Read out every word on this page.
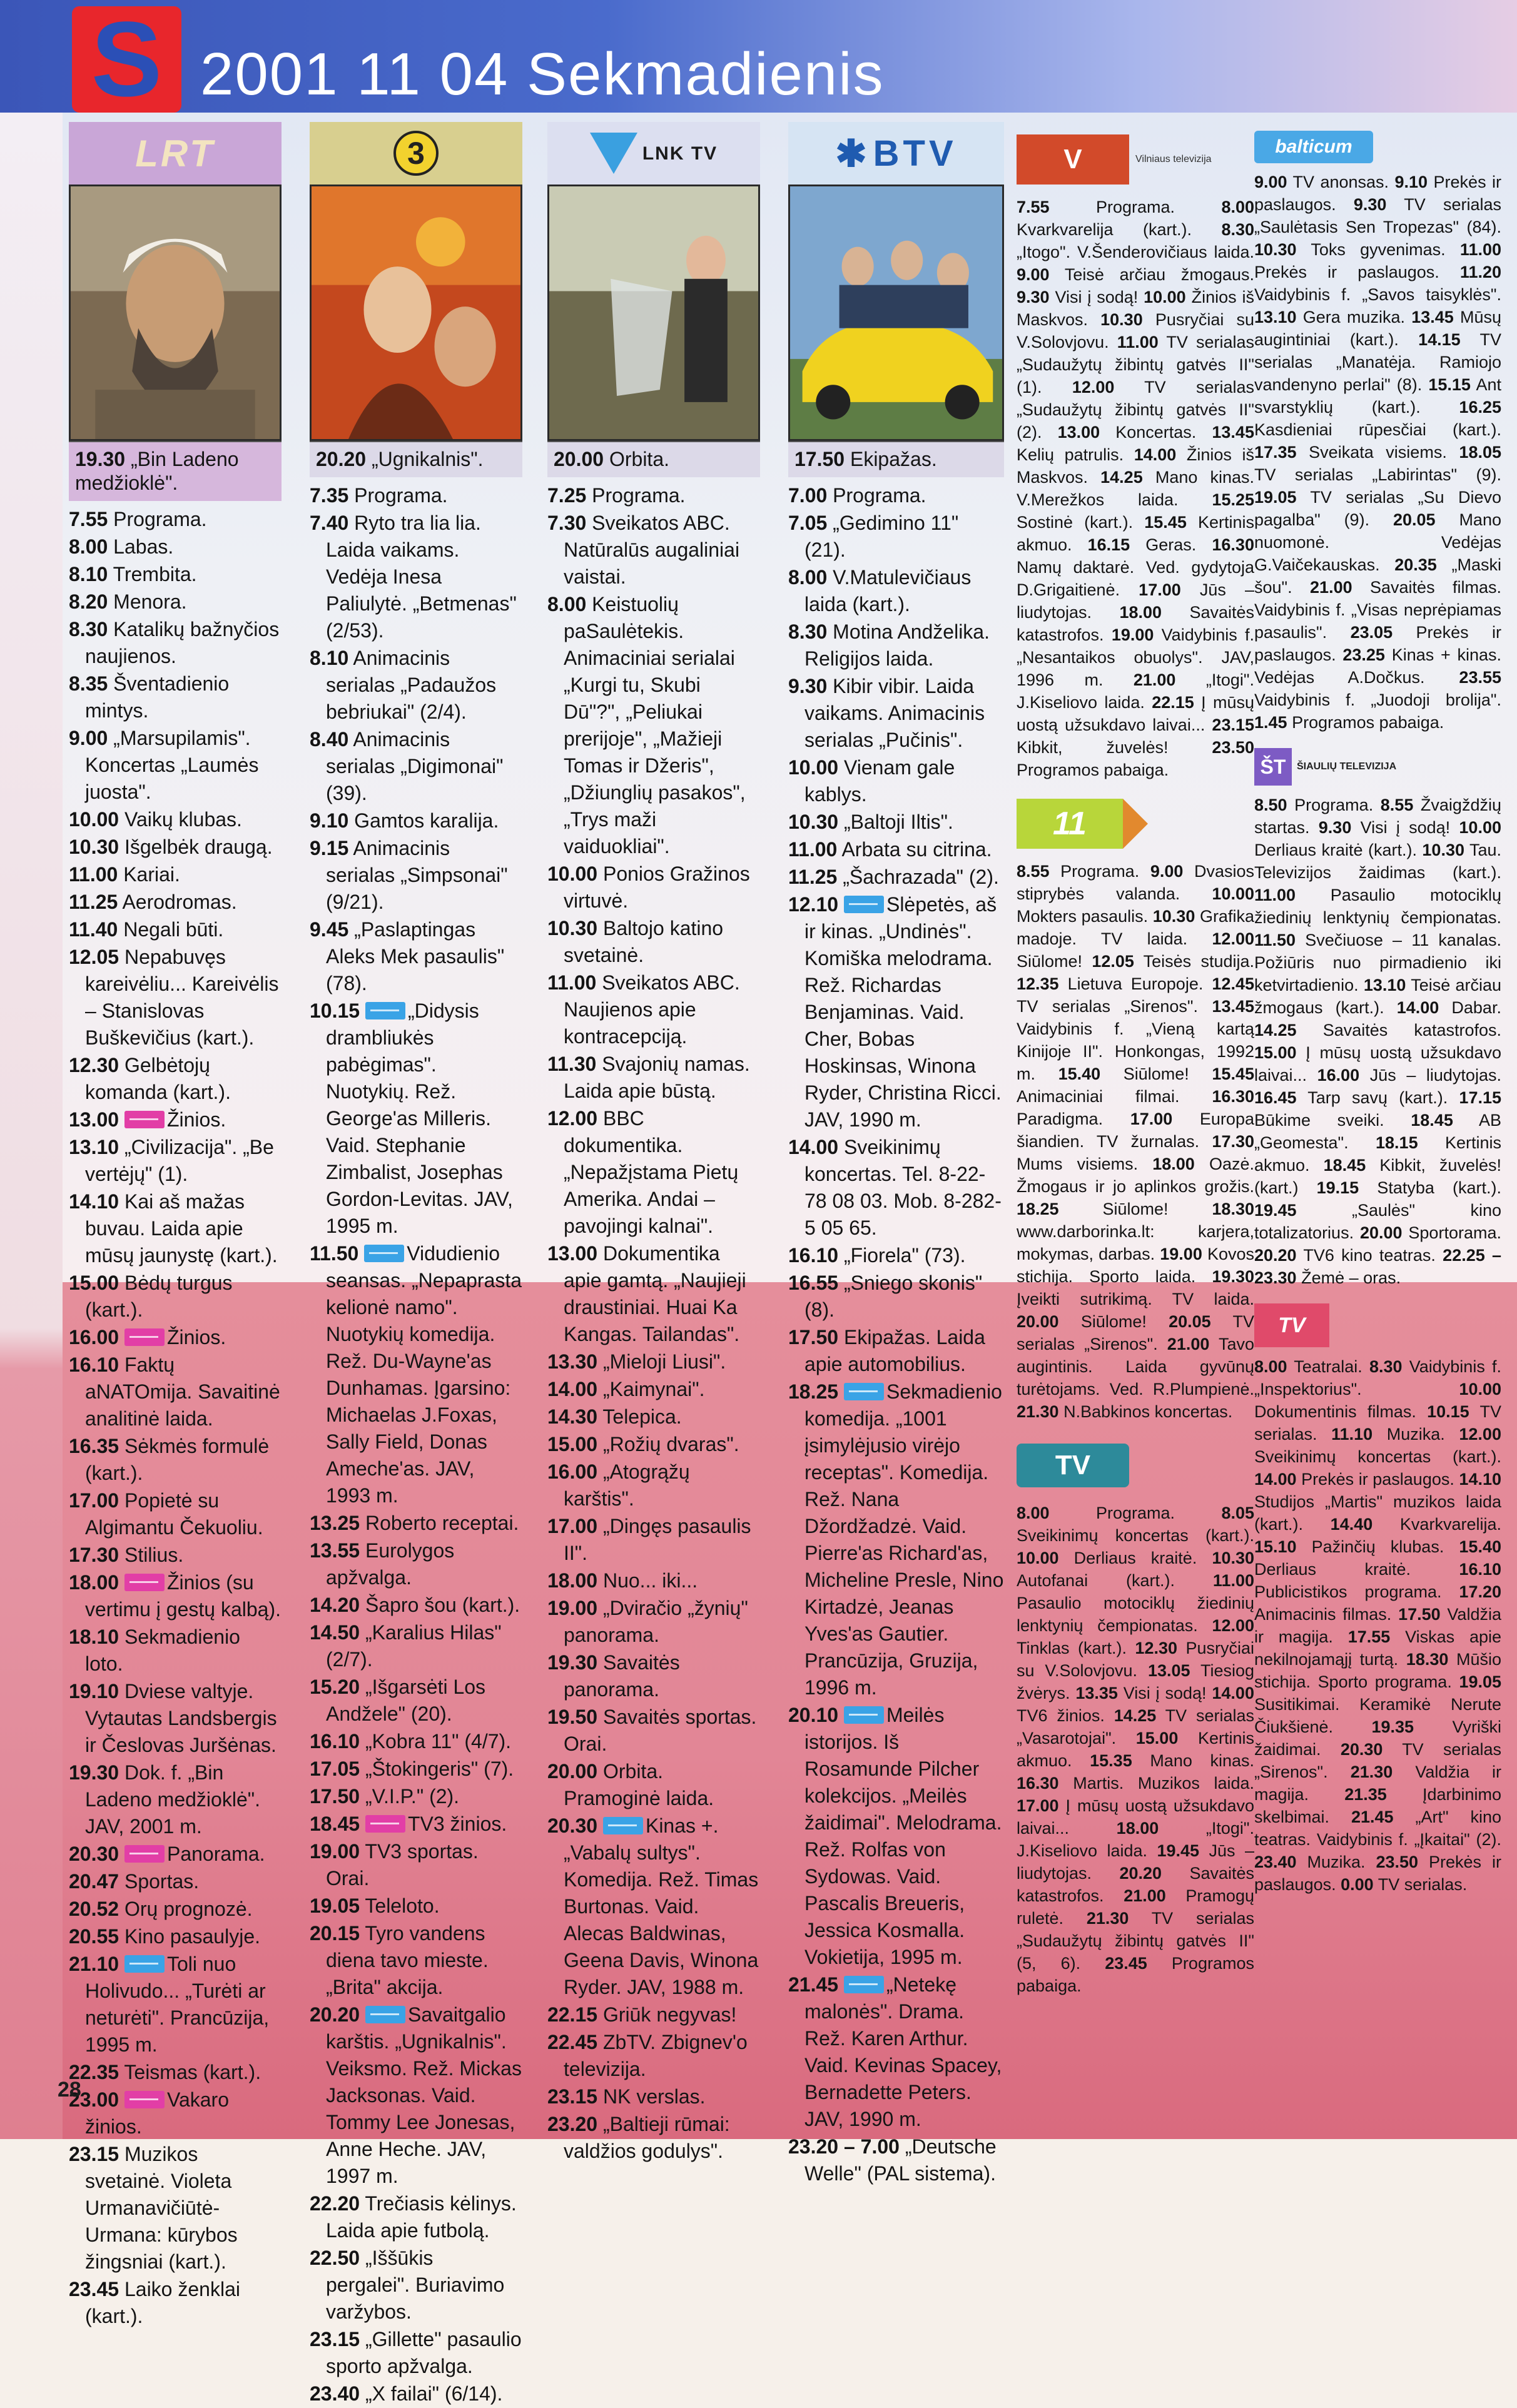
S 2001 11 04 Sekmadienis
LRT
19.30 „Bin Ladeno medžioklė".
7.55 Programa.
8.00 Labas.
8.10 Trembita.
8.20 Menora.
8.30 Katalikų bažnyčios naujienos.
8.35 Šventadienio mintys.
9.00 „Marsupilamis". Koncertas „Laumės juosta".
10.00 Vaikų klubas.
10.30 Išgelbėk draugą.
11.00 Kariai.
11.25 Aerodromas.
11.40 Negali būti.
12.05 Nepabuvęs kareivėliu... Kareivėlis – Stanislovas Buškevičius (kart.).
12.30 Gelbėtojų komanda (kart.).
13.00 Žinios.
13.10 „Civilizacija". „Be vertėjų" (1).
14.10 Kai aš mažas buvau. Laida apie mūsų jaunystę (kart.).
15.00 Bėdų turgus (kart.).
16.00 Žinios.
16.10 Faktų aNATOmija. Savaitinė analitinė laida.
16.35 Sėkmės formulė (kart.).
17.00 Popietė su Algimantu Čekuoliu.
17.30 Stilius.
18.00 Žinios (su vertimu į gestų kalbą).
18.10 Sekmadienio loto.
19.10 Dviese valtyje. Vytautas Landsbergis ir Česlovas Juršėnas.
19.30 Dok. f. „Bin Ladeno medžioklė". JAV, 2001 m.
20.30 Panorama.
20.47 Sportas.
20.52 Orų prognozė.
20.55 Kino pasaulyje.
21.10 Toli nuo Holivudo... „Turėti ar neturėti". Prancūzija, 1995 m.
22.35 Teismas (kart.).
23.00 Vakaro žinios.
23.15 Muzikos svetainė. Violeta Urmanavičiūtė-Urmana: kūrybos žingsniai (kart.).
23.45 Laiko ženklai (kart.).
3
20.20 „Ugnikalnis".
7.35 Programa.
7.40 Ryto tra lia lia. Laida vaikams. Vedėja Inesa Paliulytė. „Betmenas" (2/53).
8.10 Animacinis serialas „Padaužos bebriukai" (2/4).
8.40 Animacinis serialas „Digimonai" (39).
9.10 Gamtos karalija.
9.15 Animacinis serialas „Simpsonai" (9/21).
9.45 „Paslaptingas Aleks Mek pasaulis" (78).
10.15 „Didysis drambliukės pabėgimas". Nuotykių. Rež. George'as Milleris. Vaid. Stephanie Zimbalist, Josephas Gordon-Levitas. JAV, 1995 m.
11.50 Vidudienio seansas. „Nepaprasta kelionė namo". Nuotykių komedija. Rež. Du-Wayne'as Dunhamas. Įgarsino: Michaelas J.Foxas, Sally Field, Donas Ameche'as. JAV, 1993 m.
13.25 Roberto receptai.
13.55 Eurolygos apžvalga.
14.20 Šapro šou (kart.).
14.50 „Karalius Hilas" (2/7).
15.20 „Išgarsėti Los Andžele" (20).
16.10 „Kobra 11" (4/7).
17.05 „Štokingeris" (7).
17.50 „V.I.P." (2).
18.45 TV3 žinios.
19.00 TV3 sportas. Orai.
19.05 Teleloto.
20.15 Tyro vandens diena tavo mieste. „Brita" akcija.
20.20 Savaitgalio karštis. „Ugnikalnis". Veiksmo. Rež. Mickas Jacksonas. Vaid. Tommy Lee Jonesas, Anne Heche. JAV, 1997 m.
22.20 Trečiasis kėlinys. Laida apie futbolą.
22.50 „Iššūkis pergalei". Buriavimo varžybos.
23.15 „Gillette" pasaulio sporto apžvalga.
23.40 „X failai" (6/14).
LNK TV
20.00 Orbita.
7.25 Programa.
7.30 Sveikatos ABC. Natūralūs augaliniai vaistai.
8.00 Keistuolių paSaulėtekis. Animaciniai serialai „Kurgi tu, Skubi Dū"?", „Peliukai prerijoje", „Mažieji Tomas ir Džeris", „Džiunglių pasakos", „Trys maži vaiduokliai".
10.00 Ponios Gražinos virtuvė.
10.30 Baltojo katino svetainė.
11.00 Sveikatos ABC. Naujienos apie kontracepciją.
11.30 Svajonių namas. Laida apie būstą.
12.00 BBC dokumentika. „Nepažįstama Pietų Amerika. Andai – pavojingi kalnai".
13.00 Dokumentika apie gamtą. „Naujieji draustiniai. Huai Ka Kangas. Tailandas".
13.30 „Mieloji Liusi".
14.00 „Kaimynai".
14.30 Telepica.
15.00 „Rožių dvaras".
16.00 „Atogrąžų karštis".
17.00 „Dingęs pasaulis II".
18.00 Nuo... iki...
19.00 „Dviračio „žynių" panorama.
19.30 Savaitės panorama.
19.50 Savaitės sportas. Orai.
20.00 Orbita. Pramoginė laida.
20.30 Kinas +. „Vabalų sultys". Komedija. Rež. Timas Burtonas. Vaid. Alecas Baldwinas, Geena Davis, Winona Ryder. JAV, 1988 m.
22.15 Griūk negyvas!
22.45 ZbTV. Zbignev'o televizija.
23.15 NK verslas.
23.20 „Baltieji rūmai: valdžios godulys".
✱ BTV
17.50 Ekipažas.
7.00 Programa.
7.05 „Gedimino 11" (21).
8.00 V.Matulevičiaus laida (kart.).
8.30 Motina Andželika. Religijos laida.
9.30 Kibir vibir. Laida vaikams. Animacinis serialas „Pučinis".
10.00 Vienam gale kablys.
10.30 „Baltoji Iltis".
11.00 Arbata su citrina.
11.25 „Šachrazada" (2).
12.10 Slėpetės, aš ir kinas. „Undinės". Komiška melodrama. Rež. Richardas Benjaminas. Vaid. Cher, Bobas Hoskinsas, Winona Ryder, Christina Ricci. JAV, 1990 m.
14.00 Sveikinimų koncertas. Tel. 8-22-78 08 03. Mob. 8-282-5 05 65.
16.10 „Fiorela" (73).
16.55 „Sniego skonis" (8).
17.50 Ekipažas. Laida apie automobilius.
18.25 Sekmadienio komedija. „1001 įsimylėjusio virėjo receptas". Komedija. Rež. Nana Džordžadzė. Vaid. Pierre'as Richard'as, Micheline Presle, Nino Kirtadzė, Jeanas Yves'as Gautier. Prancūzija, Gruzija, 1996 m.
20.10 Meilės istorijos. Iš Rosamunde Pilcher kolekcijos. „Meilės žaidimai". Melodrama. Rež. Rolfas von Sydowas. Vaid. Pascalis Breueris, Jessica Kosmalla. Vokietija, 1995 m.
21.45 „Netekę malonės". Drama. Rež. Karen Arthur. Vaid. Kevinas Spacey, Bernadette Peters. JAV, 1990 m.
23.20 – 7.00 „Deutsche Welle" (PAL sistema).
V	Vilniaus televizija
7.55	Programa.	8.00 Kvarkvarelija (kart.). 8.30 „Itogo". V.Šenderovičiaus laida. 9.00 Teisė arčiau žmogaus. 9.30 Visi į sodą! 10.00 Žinios iš Maskvos. 10.30 Pusryčiai su V.Solovjovu. 11.00 TV serialas „Sudaužytų žibintų gatvės II" (1). 12.00 TV serialas „Sudaužytų žibintų gatvės II" (2). 13.00 Koncertas. 13.45 Kelių patrulis. 14.00 Žinios iš Maskvos. 14.25 Mano kinas. V.Merežkos laida. 15.25 Sostinė (kart.). 15.45 Kertinis akmuo. 16.15 Geras. 16.30 Namų daktarė. Ved. gydytoja D.Grigaitienė. 17.00 Jūs – liudytojas. 18.00 Savaitės katastrofos. 19.00 Vaidybinis f. „Nesantaikos obuolys". JAV, 1996 m. 21.00 „Itogi". J.Kiseliovo laida. 22.15 Į mūsų uostą užsukdavo laivai... 23.15 Kibkit, žuvelės!	23.50 Programos pabaiga.
11
8.55 Programa. 9.00 Dvasios stiprybės valanda. 10.00 Mokters pasaulis. 10.30 Grafika madoje. TV laida. 12.00 Siūlome! 12.05 Teisės studija. 12.35 Lietuva Europoje. 12.45 TV serialas „Sirenos". 13.45 Vaidybinis f. „Vieną kartą Kinijoje II". Honkongas, 1992 m. 15.40 Siūlome! 15.45 Animaciniai filmai. 16.30 Paradigma. 17.00 Europa šiandien. TV žurnalas. 17.30 Mums visiems. 18.00 Oazė. Žmogaus ir jo aplinkos grožis. 18.25	Siūlome!	18.30 www.darborinka.lt: karjera, mokymas, darbas. 19.00 Kovos stichija. Sporto laida. 19.30 Įveikti sutrikimą. TV laida. 20.00 Siūlome! 20.05 TV serialas „Sirenos". 21.00 Tavo augintinis. Laida gyvūnų turėtojams. Ved. R.Plumpienė. 21.30 N.Babkinos koncertas.
TV
8.00	Programa.	8.05 Sveikinimų koncertas (kart.). 10.00 Derliaus kraitė. 10.30 Autofanai (kart.). 11.00 Pasaulio motociklų žiedinių lenktynių čempionatas. 12.00 Tinklas (kart.). 12.30 Pusryčiai su V.Solovjovu. 13.05 Tiesiog žvėrys. 13.35 Visi į sodą! 14.00 TV6 žinios. 14.25 TV serialas „Vasarotojai". 15.00 Kertinis akmuo. 15.35 Mano kinas. 16.30 Martis. Muzikos laida. 17.00 Į mūsų uostą užsukdavo laivai...	18.00	„Itogi". J.Kiseliovo laida. 19.45 Jūs – liudytojas. 20.20 Savaitės katastrofos. 21.00 Pramogų ruletė. 21.30 TV serialas „Sudaužytų žibintų gatvės II" (5, 6). 23.45 Programos pabaiga.
balticum
9.00 TV anonsas. 9.10 Prekės ir paslaugos. 9.30 TV serialas „Saulėtasis Sen Tropezas" (84). 10.30 Toks gyvenimas. 11.00 Prekės ir paslaugos. 11.20 Vaidybinis f. „Savos taisyklės". 13.10 Gera muzika. 13.45 Mūsų augintiniai (kart.). 14.15 TV serialas „Manatėja. Ramiojo vandenyno perlai" (8). 15.15 Ant svarstyklių (kart.). 16.25 Kasdieniai rūpesčiai (kart.). 17.35 Sveikata visiems. 18.05 TV serialas „Labirintas" (9). 19.05 TV serialas „Su Dievo pagalba" (9). 20.05 Mano nuomonė. Vedėjas G.Vaičekauskas. 20.35 „Maski šou". 21.00 Savaitės filmas. Vaidybinis f. „Visas neprėpiamas pasaulis". 23.05 Prekės ir paslaugos. 23.25 Kinas + kinas. Vedėjas A.Dočkus. 23.55 Vaidybinis f. „Juodoji brolija". 1.45 Programos pabaiga.
ŠT	ŠIAULIŲ TELEVIZIJA
8.50 Programa. 8.55 Žvaigždžių startas. 9.30 Visi į sodą! 10.00 Derliaus kraitė (kart.). 10.30 Tau. Televizijos žaidimas (kart.). 11.00 Pasaulio motociklų žiedinių lenktynių čempionatas. 11.50 Svečiuose – 11 kanalas. Požiūris nuo pirmadienio iki ketvirtadienio. 13.10 Teisė arčiau žmogaus (kart.). 14.00 Dabar. 14.25 Savaitės katastrofos. 15.00 Į mūsų uostą užsukdavo laivai... 16.00 Jūs – liudytojas. 16.45 Tarp savų (kart.). 17.15 Būkime sveiki. 18.45 AB „Geomesta". 18.15 Kertinis akmuo. 18.45 Kibkit, žuvelės! (kart.) 19.15 Statyba (kart.). 19.45	„Saulės" kino totalizatorius. 20.00 Sportorama. 20.20 TV6 kino teatras. 22.25 – 23.30 Žemė – oras.
TV
8.00 Teatralai. 8.30 Vaidybinis f. „Inspektorius".	10.00 Dokumentinis filmas. 10.15 TV serialas. 11.10 Muzika. 12.00 Sveikinimų koncertas (kart.). 14.00 Prekės ir paslaugos. 14.10 Studijos „Martis" muzikos laida (kart.). 14.40 Kvarkvarelija. 15.10 Pažinčių klubas. 15.40 Derliaus kraitė.	16.10 Publicistikos programa. 17.20 Animacinis filmas. 17.50 Valdžia ir magija. 17.55 Viskas apie nekilnojamąjį turtą. 18.30 Mūšio stichija. Sporto programa. 19.05 Susitikimai. Keramikė Nerute Čiukšienė. 19.35 Vyriški žaidimai. 20.30 TV serialas „Sirenos". 21.30 Valdžia ir magija. 21.35 Įdarbinimo skelbimai. 21.45 „Art" kino teatras. Vaidybinis f. „Įkaitai" (2). 23.40 Muzika. 23.50 Prekės ir paslaugos. 0.00 TV serialas.
28
